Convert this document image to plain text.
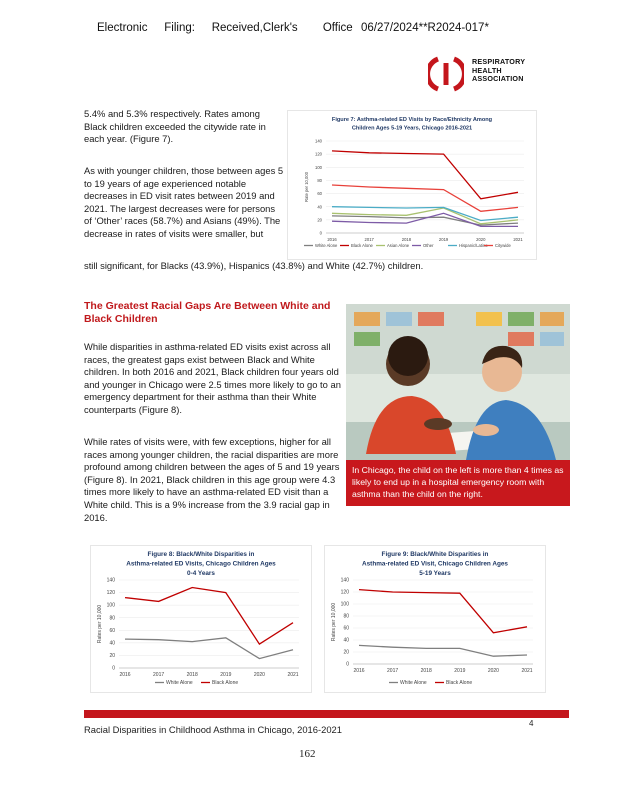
Electronic    Filing:    Received,Clerk's      Office  06/27/2024**R2024-017*
RESPIRATORY
HEALTH
ASSOCIATION
5.4% and 5.3% respectively. Rates among Black children exceeded the citywide rate in each year. (Figure 7).
As with younger children, those between ages 5 to 19 years of age experienced notable decreases in ED visit rates between 2019 and 2021. The largest decreases were for persons of ‘Other’ races (58.7%) and Asians (49%). The decrease in rates of visits were smaller, but
still significant, for Blacks (43.9%), Hispanics (43.8%) and White (42.7%) children.
Figure 7: Asthma-related ED Visits by Race/Ethnicity Among
Children Ages 5-19 Years, Chicago 2016-2021
0
20
40
60
80
100
120
140
2016	2017	2018	2019	2020	2021
Rate per 10,000
White Alone	Black Alone	Asian Alone	Other	Hispanic/Latino Citywide
The Greatest Racial Gaps Are Between White and Black Children
While disparities in asthma-related ED visits exist across all races, the greatest gaps exist between Black and White children. In both 2016 and 2021, Black children four years old and younger in Chicago were 2.5 times more likely to go to an emergency department for their asthma than their White counterparts (Figure 8).
While rates of visits were, with few exceptions, higher for all races among younger children, the racial disparities are more profound among children between the ages of 5 and 19 years (Figure 8). In 2021, Black children in this age group were 4.3 times more likely to have an asthma-related ED visit than a White child. This is a 9% increase from the 3.9 racial gap in 2016.
In Chicago, the child on the left is more than 4 times as likely to end up in a hospital emergency room with asthma than the child on the right.
Figure 8: Black/White Disparities in
Asthma-related ED Visits, Chicago Children Ages
0-4 Years
0
20
40
60
80
100
120
140
2016	2017	2018	2019	2020	2021
Rates per 10,000
White Alone	Black Alone
Figure 9: Black/White Disparities in
Asthma-related ED Visit, Chicago Children Ages
5-19 Years
0
20
40
60
80
100
120
140
2016	2017	2018	2019	2020	2021
Rates per 10,000
White Alone	Black Alone
Racial Disparities in Childhood Asthma in Chicago, 2016-2021
4
162
